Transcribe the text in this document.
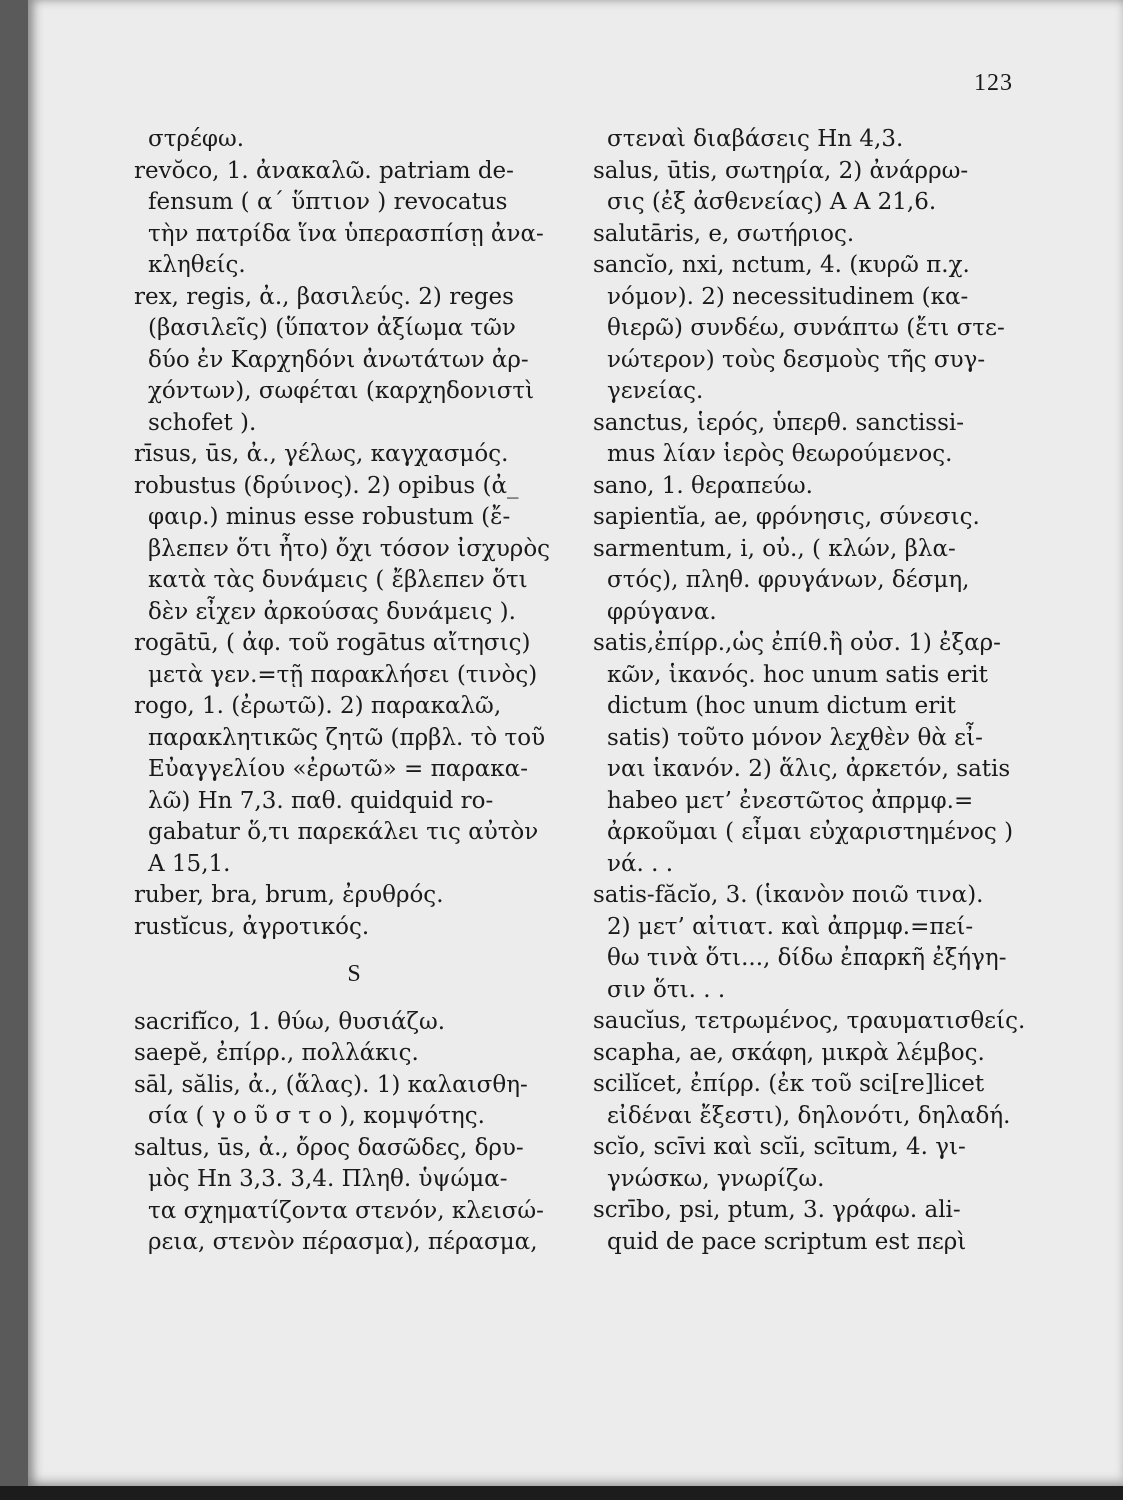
123
στρέφω.
revŏco, 1. ἀνακαλῶ. patriam de-
fensum ( α΄ ὕπτιον ) revocatus
τὴν πατρίδα ἵνα ὑπερασπίσῃ ἀνα-
κληθείς.
rex, regis, ἀ., βασιλεύς. 2) reges
(βασιλεῖς) (ὕπατον ἀξίωμα τῶν
δύο ἐν Καρχηδόνι ἀνωτάτων ἀρ-
χόντων), σωφέται (καρχηδονιστὶ
schofet ).
rīsus, ūs, ἀ., γέλως, καγχασμός.
robustus (δρύινος). 2) opibus (ἀ_
φαιρ.) minus esse robustum (ἔ-
βλεπεν ὅτι ἦτο) ὄχι τόσον ἰσχυρὸς
κατὰ τὰς δυνάμεις ( ἔβλεπεν ὅτι
δὲν εἶχεν ἀρκούσας δυνάμεις ).
rogātū, ( ἀφ. τοῦ rogātus αἴτησις)
μετὰ γεν.=τῇ παρακλήσει (τινὸς)
rogo, 1. (ἐρωτῶ). 2) παρακαλῶ,
παρακλητικῶς ζητῶ (πρβλ. τὸ τοῦ
Εὐαγγελίου «ἐρωτῶ» = παρακα-
λῶ) Hn 7,3. παθ. quidquid ro-
gabatur ὅ,τι παρεκάλει τις αὐτὸν
A 15,1.
ruber, bra, brum, ἐρυθρός.
rustĭcus, ἀγροτικός.
S
sacrifĭco, 1. θύω, θυσιάζω.
saepĕ, ἐπίρρ., πολλάκις.
sāl, sălis, ἀ., (ἅλας). 1) καλαισθη-
σία ( γ ο ῦ σ τ ο ), κομψότης.
saltus, ūs, ἀ., ὄρος δασῶδες, δρυ-
μὸς Hn 3,3. 3,4. Πληθ. ὑψώμα-
τα σχηματίζοντα στενόν, κλεισώ-
ρεια, στενὸν πέρασμα), πέρασμα,
στεναὶ διαβάσεις Hn 4,3.
salus, ūtis, σωτηρία, 2) ἀνάρρω-
σις (ἐξ ἀσθενείας) A A 21,6.
salutāris, e, σωτήριος.
sancĭo, nxi, nctum, 4. (κυρῶ π.χ.
νόμον). 2) necessitudinem (κα-
θιερῶ) συνδέω, συνάπτω (ἔτι στε-
νώτερον) τοὺς δεσμοὺς τῆς συγ-
γενείας.
sanctus, ἱερός, ὑπερθ. sanctissi-
mus λίαν ἱερὸς θεωρούμενος.
sano, 1. θεραπεύω.
sapientĭa, ae, φρόνησις, σύνεσις.
sarmentum, i, οὐ., ( κλών, βλα-
στός), πληθ. φρυγάνων, δέσμη,
φρύγανα.
satis,ἐπίρρ.,ὡς ἐπίθ.ἢ οὐσ. 1) ἐξαρ-
κῶν, ἱκανός. hoc unum satis erit
dictum (hoc unum dictum erit
satis) τοῦτο μόνον λεχθὲν θὰ εἶ-
ναι ἱκανόν. 2) ἅλις, ἀρκετόν, satis
habeo μετ’ ἐνεστῶτος ἀπρμφ.=
ἀρκοῦμαι ( εἶμαι εὐχαριστημένος )
νά. . .
satis-făcĭo, 3. (ἱκανὸν ποιῶ τινα).
2) μετ’ αἰτιατ. καὶ ἀπρμφ.=πεί-
θω τινὰ ὅτι..., δίδω ἐπαρκῆ ἐξήγη-
σιν ὅτι. . .
saucĭus, τετρωμένος, τραυματισθείς.
scapha, ae, σκάφη, μικρὰ λέμβος.
scilĭcet, ἐπίρρ. (ἐκ τοῦ sci[re]licet
εἰδέναι ἔξεστι), δηλονότι, δηλαδή.
scĭo, scīvi καὶ scĭi, scītum, 4. γι-
γνώσκω, γνωρίζω.
scrībo, psi, ptum, 3. γράφω. ali-
quid de pace scriptum est περὶ
